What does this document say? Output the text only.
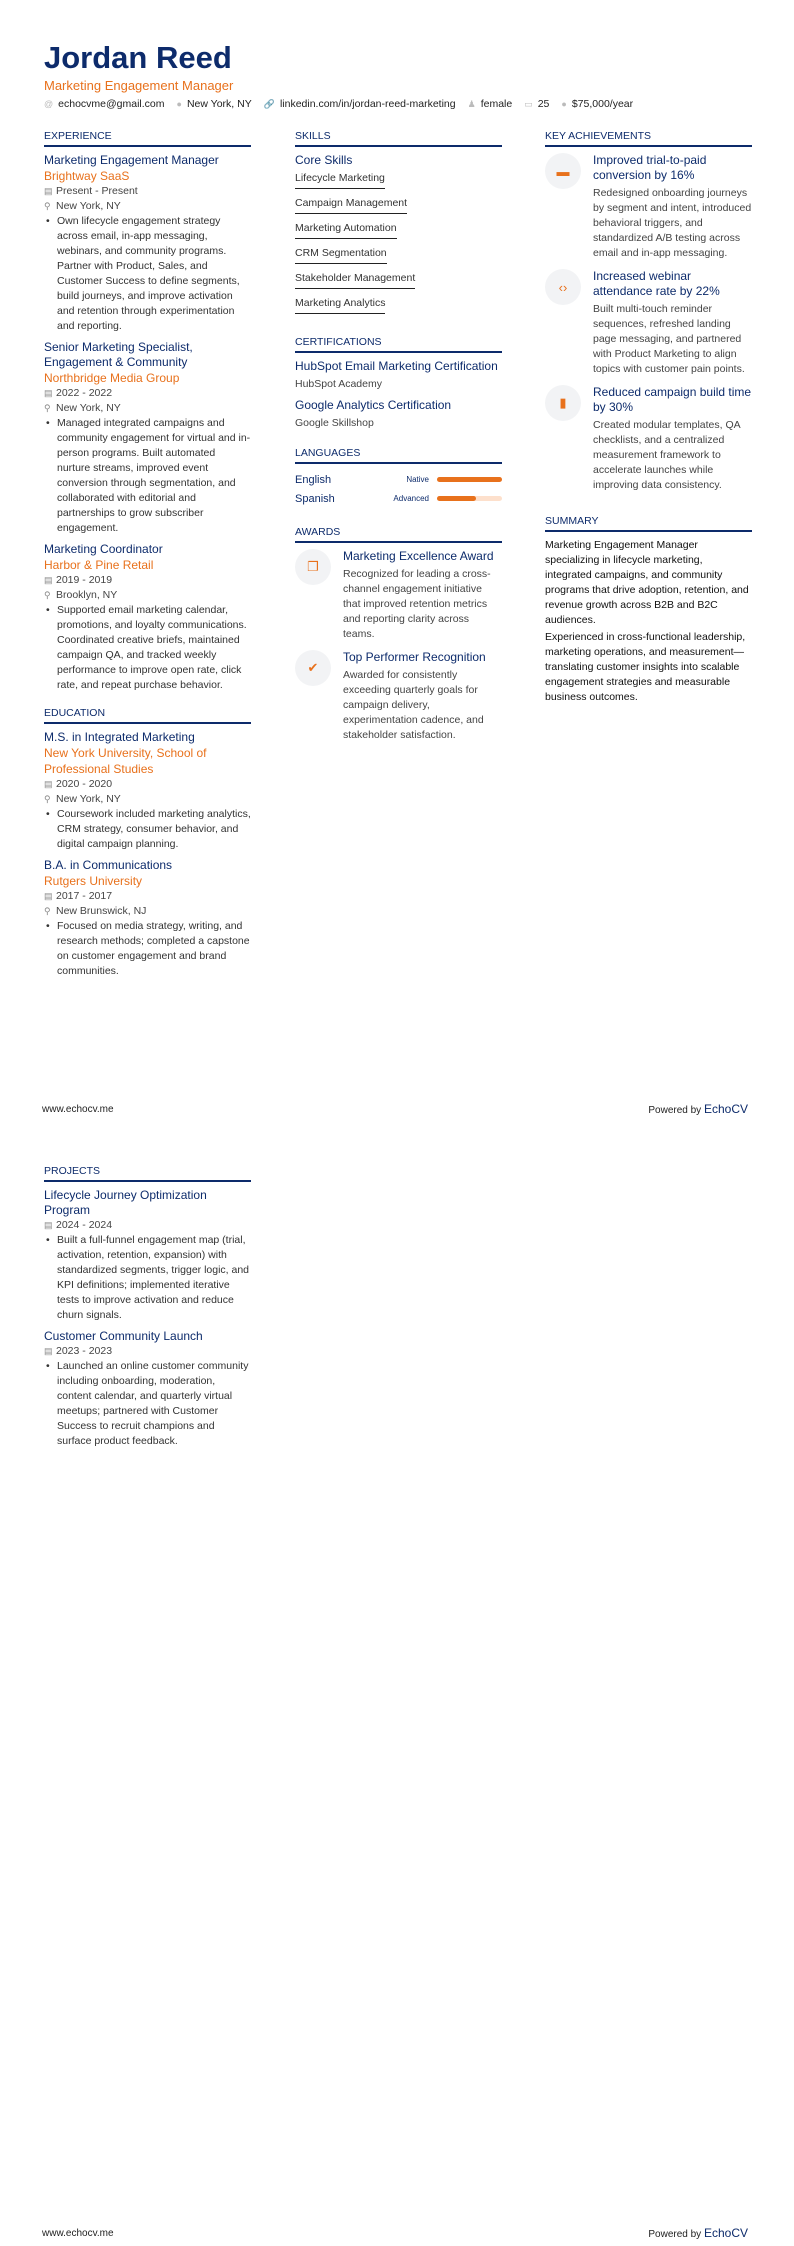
Jordan Reed
Marketing Engagement Manager
@ echocvme@gmail.com ● New York, NY 🔗 linkedin.com/in/jordan-reed-marketing ♟ female ▭ 25 ● $75,000/year
EXPERIENCE
Marketing Engagement Manager
Brightway SaaS
▤ Present - Present
⚲ New York, NY
• Own lifecycle engagement strategy across email, in-app messaging, webinars, and community programs. Partner with Product, Sales, and Customer Success to define segments, build journeys, and improve activation and retention through experimentation and reporting.
Senior Marketing Specialist, Engagement & Community
Northbridge Media Group
▤ 2022 - 2022
⚲ New York, NY
• Managed integrated campaigns and community engagement for virtual and in-person programs. Built automated nurture streams, improved event conversion through segmentation, and collaborated with editorial and partnerships to grow subscriber engagement.
Marketing Coordinator
Harbor & Pine Retail
▤ 2019 - 2019
⚲ Brooklyn, NY
• Supported email marketing calendar, promotions, and loyalty communications. Coordinated creative briefs, maintained campaign QA, and tracked weekly performance to improve open rate, click rate, and repeat purchase behavior.
EDUCATION
M.S. in Integrated Marketing
New York University, School of Professional Studies
▤ 2020 - 2020
⚲ New York, NY
• Coursework included marketing analytics, CRM strategy, consumer behavior, and digital campaign planning.
B.A. in Communications
Rutgers University
▤ 2017 - 2017
⚲ New Brunswick, NJ
• Focused on media strategy, writing, and research methods; completed a capstone on customer engagement and brand communities.
SKILLS
Core Skills
Lifecycle Marketing
Campaign Management
Marketing Automation
CRM Segmentation
Stakeholder Management
Marketing Analytics
CERTIFICATIONS
HubSpot Email Marketing Certification
HubSpot Academy
Google Analytics Certification
Google Skillshop
LANGUAGES
English	Native
Spanish	Advanced
AWARDS
❐
Marketing Excellence Award
Recognized for leading a cross-channel engagement initiative that improved retention metrics and reporting clarity across teams.
✔
Top Performer Recognition
Awarded for consistently exceeding quarterly goals for campaign delivery, experimentation cadence, and stakeholder satisfaction.
KEY ACHIEVEMENTS
▬
Improved trial-to-paid conversion by 16%
Redesigned onboarding journeys by segment and intent, introduced behavioral triggers, and standardized A/B testing across email and in-app messaging.
‹›
Increased webinar attendance rate by 22%
Built multi-touch reminder sequences, refreshed landing page messaging, and partnered with Product Marketing to align topics with customer pain points.
▮
Reduced campaign build time by 30%
Created modular templates, QA checklists, and a centralized measurement framework to accelerate launches while improving data consistency.
SUMMARY
Marketing Engagement Manager specializing in lifecycle marketing, integrated campaigns, and community programs that drive adoption, retention, and revenue growth across B2B and B2C audiences.
Experienced in cross-functional leadership, marketing operations, and measurement—translating customer insights into scalable engagement strategies and measurable business outcomes.
www.echocv.me	Powered by EchoCV
PROJECTS
Lifecycle Journey Optimization Program
▤ 2024 - 2024
• Built a full-funnel engagement map (trial, activation, retention, expansion) with standardized segments, trigger logic, and KPI definitions; implemented iterative tests to improve activation and reduce churn signals.
Customer Community Launch
▤ 2023 - 2023
• Launched an online customer community including onboarding, moderation, content calendar, and quarterly virtual meetups; partnered with Customer Success to recruit champions and surface product feedback.
www.echocv.me	Powered by EchoCV
